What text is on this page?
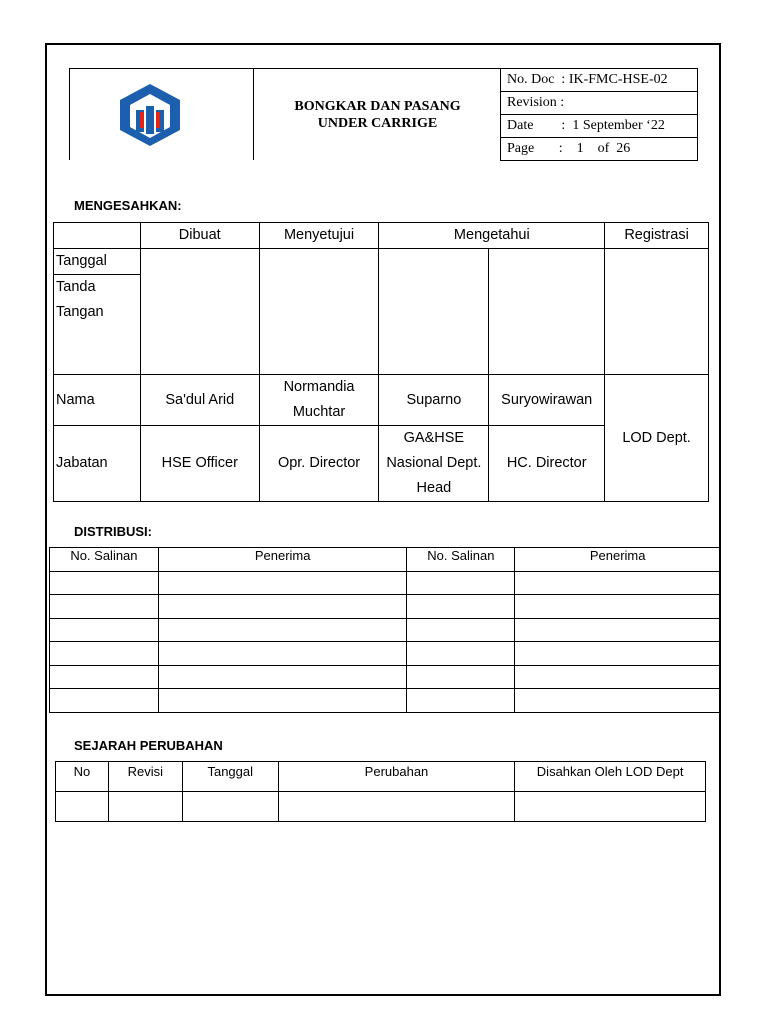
BONGKAR DAN PASANG
UNDER CARRIGE
No. Doc  : IK-FMC-HSE-02
Revision :
Date        :  1 September ‘22
Page       :    1    of  26
MENGESAHKAN:
	Dibuat	Menyetujui	Mengetahui		Registrasi
Tanggal					
Tanda Tangan					
Nama	Sa'dul Arid	Normandia Muchtar	Suparno	Suryowirawan	LOD Dept.
Jabatan	HSE Officer	Opr. Director	GA&HSE Nasional Dept. Head	HC. Director	
DISTRIBUSI:
No. Salinan	Penerima	No. Salinan	Penerima

SEJARAH PERUBAHAN
No	Revisi	Tanggal	Perubahan	Disahkan Oleh LOD Dept
